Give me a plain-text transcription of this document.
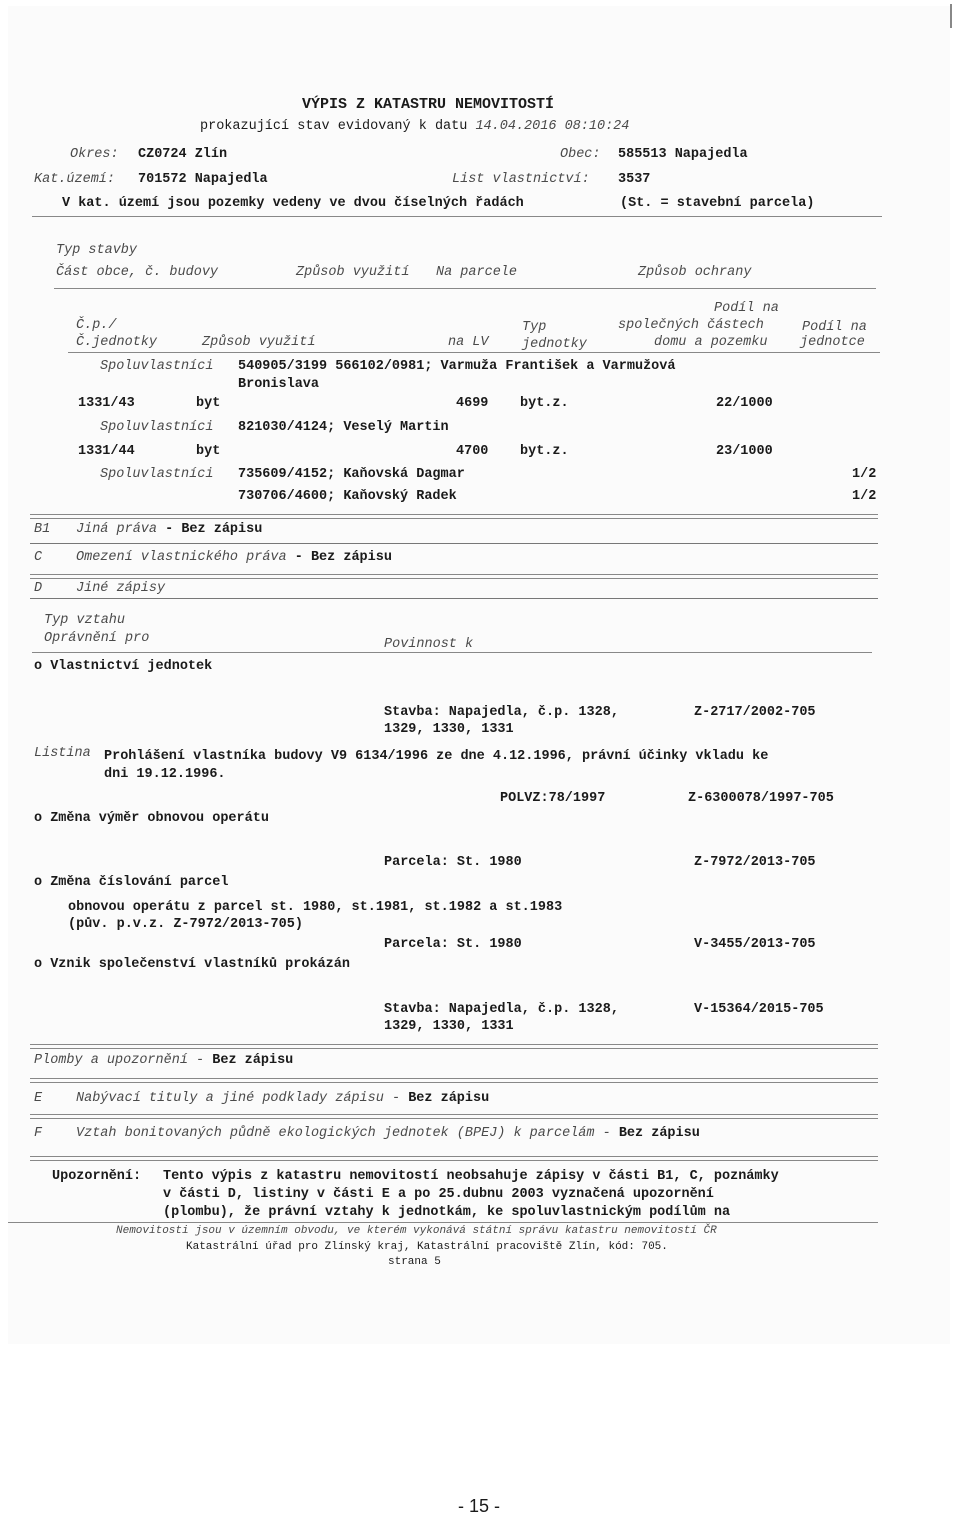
VÝPIS Z KATASTRU NEMOVITOSTÍ
prokazující stav evidovaný k datu 14.04.2016 08:10:24
Okres: CZ0724 Zlín	Obec: 585513 Napajedla
Kat.území: 701572 Napajedla	List vlastnictví: 3537
V kat. území jsou pozemky vedeny ve dvou číselných řadách	(St. = stavební parcela)
Typ stavby
Část obce, č. budovy	Způsob využití Na parcele	Způsob ochrany
Podíl na
Č.p./	Typ	společných částech	Podíl na
Č.jednotky	Způsob využití	na LV jednotky	domu a pozemku jednotce
Spoluvlastníci 540905/3199 566102/0981; Varmuža František a Varmužová
Bronislava
1331/43	byt	4699 byt.z.	22/1000
Spoluvlastníci 821030/4124; Veselý Martin
1331/44	byt	4700 byt.z.	23/1000
Spoluvlastníci 735609/4152; Kaňovská Dagmar	1/2
730706/4600; Kaňovský Radek	1/2
B1 Jiná práva - Bez zápisu
C	Omezení vlastnického práva - Bez zápisu
D	Jiné zápisy
Typ vztahu
Oprávnění pro	Povinnost k
o Vlastnictví jednotek
Stavba: Napajedla, č.p. 1328,
1329, 1330, 1331
Z-2717/2002-705
Listina Prohlášení vlastníka budovy V9 6134/1996 ze dne 4.12.1996, právní účinky vkladu ke
dni 19.12.1996.
POLVZ:78/1997	Z-6300078/1997-705
o Změna výměr obnovou operátu
Parcela: St. 1980	Z-7972/2013-705
o Změna číslování parcel
obnovou operátu z parcel st. 1980, st.1981, st.1982 a st.1983
(pův. p.v.z. Z-7972/2013-705)
Parcela: St. 1980	V-3455/2013-705
o Vznik společenství vlastníků prokázán
Stavba: Napajedla, č.p. 1328,
1329, 1330, 1331
V-15364/2015-705
Plomby a upozornění - Bez zápisu
E	Nabývací tituly a jiné podklady zápisu - Bez zápisu
F	Vztah bonitovaných půdně ekologických jednotek (BPEJ) k parcelám - Bez zápisu
Upozornění: Tento výpis z katastru nemovitostí neobsahuje zápisy v části B1, C, poznámky
v části D, listiny v části E a po 25.dubnu 2003 vyznačená upozornění
(plombu), že právní vztahy k jednotkám, ke spoluvlastnickým podílům na
Nemovitosti jsou v územním obvodu, ve kterém vykonává státní správu katastru nemovitostí ČR
Katastrální úřad pro Zlínský kraj, Katastrální pracoviště Zlín, kód: 705.
strana 5
- 15 -
